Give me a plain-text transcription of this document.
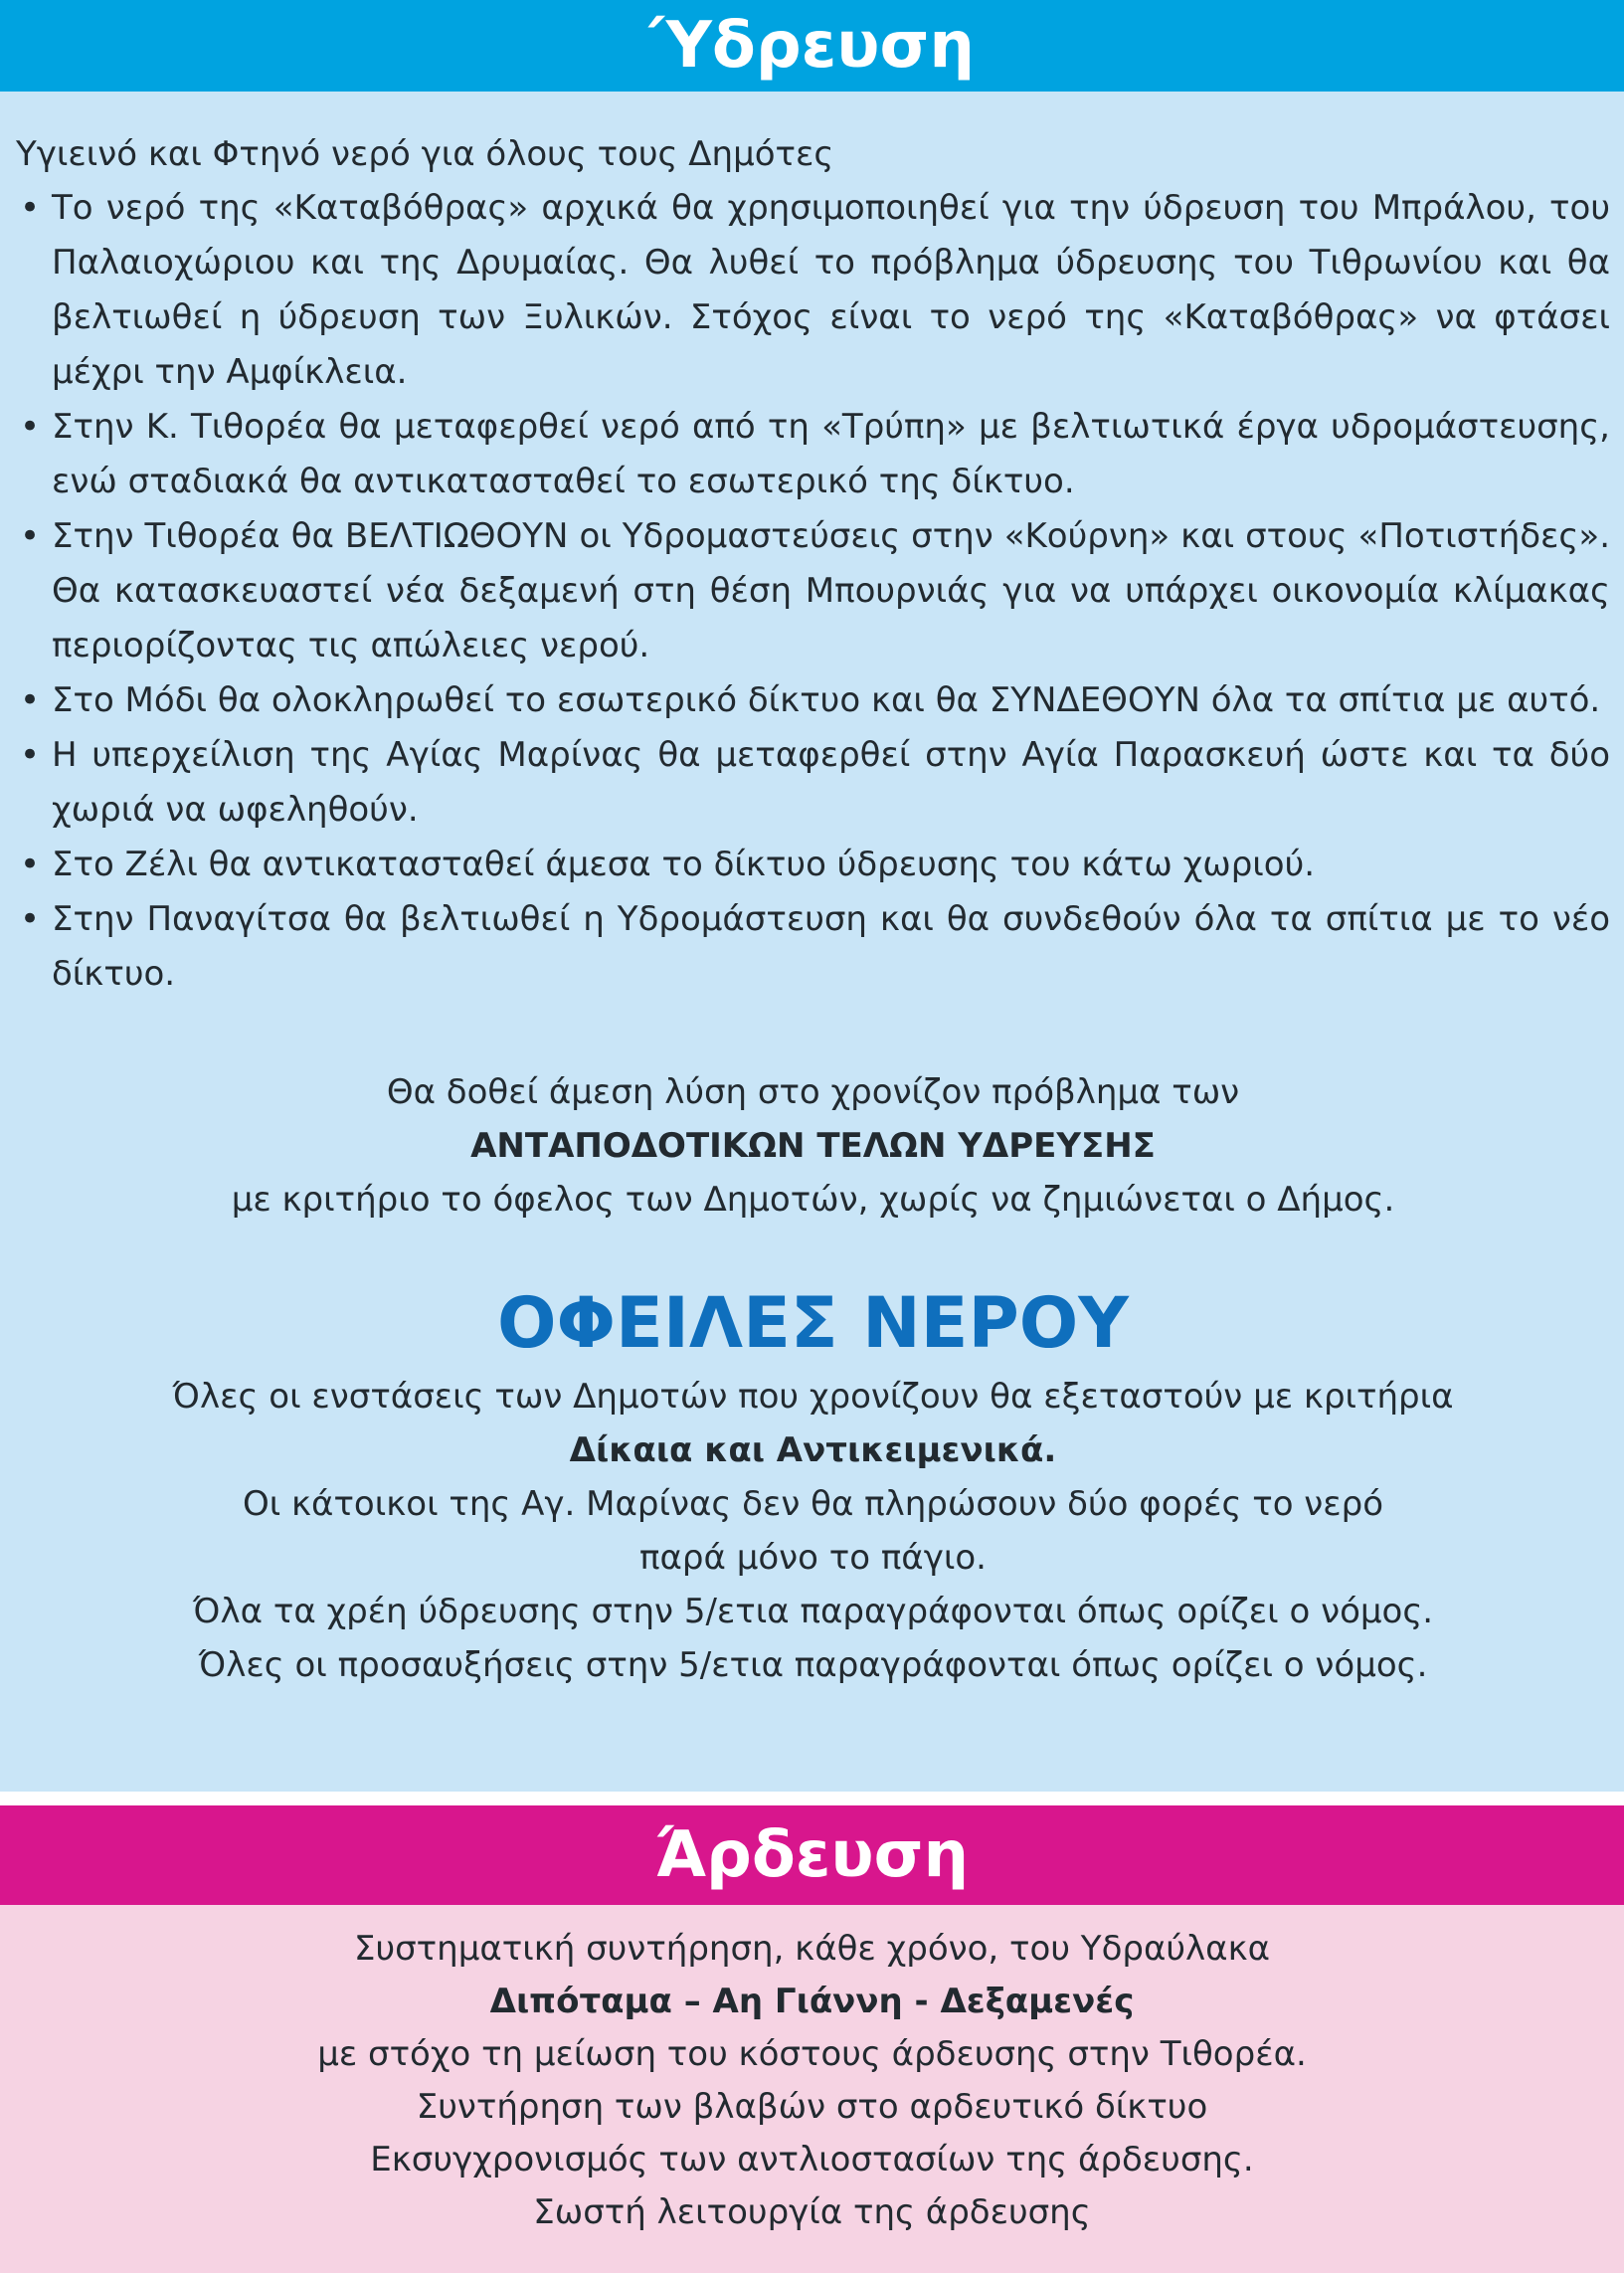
Ύδρευση
Υγιεινό και Φτηνό νερό για όλους τους Δημότες
• Το νερό της «Καταβόθρας» αρχικά θα χρησιμοποιηθεί για την ύδρευση του Μπράλου, του Παλαιοχώριου και της Δρυμαίας. Θα λυθεί το πρόβλημα ύδρευσης του Τιθρωνίου και θα βελτιωθεί η ύδρευση των Ξυλικών. Στόχος είναι το νερό της «Καταβόθρας» να φτάσει μέχρι την Αμφίκλεια.
• Στην Κ. Τιθορέα θα μεταφερθεί νερό από τη «Τρύπη» με βελτιωτικά έργα υδρομάστευσης, ενώ σταδιακά θα αντικατασταθεί το εσωτερικό της δίκτυο.
• Στην Τιθορέα θα ΒΕΛΤΙΩΘΟΥΝ οι Υδρομαστεύσεις στην «Κούρνη» και στους «Ποτιστήδες». Θα κατασκευαστεί νέα δεξαμενή στη θέση Μπουρνιάς για να υπάρχει οικονομία κλίμακας περιορίζοντας τις απώλειες νερού.
• Στο Μόδι θα ολοκληρωθεί το εσωτερικό δίκτυο και θα ΣΥΝΔΕΘΟΥΝ όλα τα σπίτια με αυτό.
• Η υπερχείλιση της Αγίας Μαρίνας θα μεταφερθεί στην Αγία Παρασκευή ώστε και τα δύο χωριά να ωφεληθούν.
• Στο Ζέλι θα αντικατασταθεί άμεσα το δίκτυο ύδρευσης του κάτω χωριού.
• Στην Παναγίτσα θα βελτιωθεί η Υδρομάστευση και θα συνδεθούν όλα τα σπίτια με το νέο δίκτυο.
Θα δοθεί άμεση λύση στο χρονίζον πρόβλημα των
ΑΝΤΑΠΟΔΟΤΙΚΩΝ ΤΕΛΩΝ ΥΔΡΕΥΣΗΣ
με κριτήριο το όφελος των Δημοτών, χωρίς να ζημιώνεται ο Δήμος.
ΟΦΕΙΛΕΣ ΝΕΡΟΥ
Όλες οι ενστάσεις των Δημοτών που χρονίζουν θα εξεταστούν με κριτήρια
Δίκαια και Αντικειμενικά.
Οι κάτοικοι της Αγ. Μαρίνας δεν θα πληρώσουν δύο φορές το νερό
παρά μόνο το πάγιο.
Όλα τα χρέη ύδρευσης στην 5/ετια παραγράφονται όπως ορίζει ο νόμος.
Όλες οι προσαυξήσεις στην 5/ετια παραγράφονται όπως ορίζει ο νόμος.
Άρδευση
Συστηματική συντήρηση, κάθε χρόνο, του Υδραύλακα
Διπόταμα – Αη Γιάννη - Δεξαμενές
με στόχο τη μείωση του κόστους άρδευσης στην Τιθορέα.
Συντήρηση των βλαβών στο αρδευτικό δίκτυο
Εκσυγχρονισμός των αντλιοστασίων της άρδευσης.
Σωστή λειτουργία της άρδευσης
